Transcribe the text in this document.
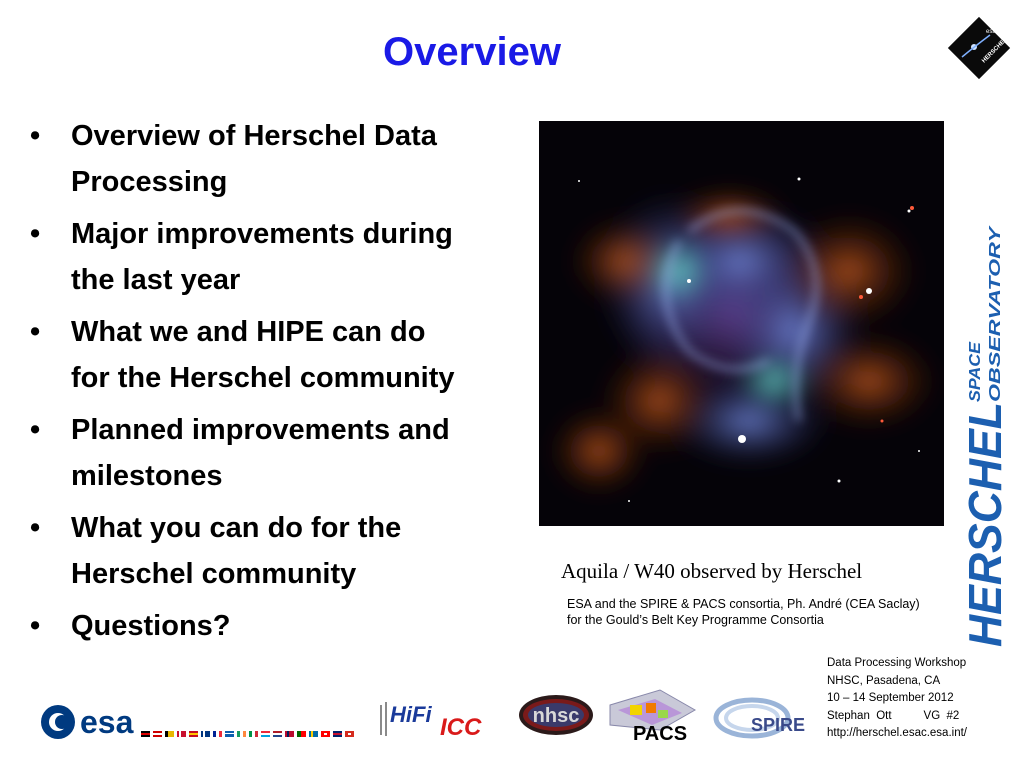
Overview
• Overview of Herschel Data
Processing
• Major improvements during
the last year
• What we and HIPE can do
for the Herschel community
• Planned improvements and
milestones
• What you can do for the
Herschel community
• Questions?
Aquila / W40 observed by Herschel
ESA and the SPIRE & PACS consortia, Ph. André (CEA Saclay) for the Gould’s Belt Key Programme Consortia
esa
HERSCHEL
HERSCHEL
SPACE OBSERVATORY
Data Processing Workshop
NHSC, Pasadena, CA
10 – 14 September 2012
Stephan  Ott          VG  #2
http://herschel.esac.esa.int/
esa	HiFi ICC	nhsc
PACS	SPIRE
